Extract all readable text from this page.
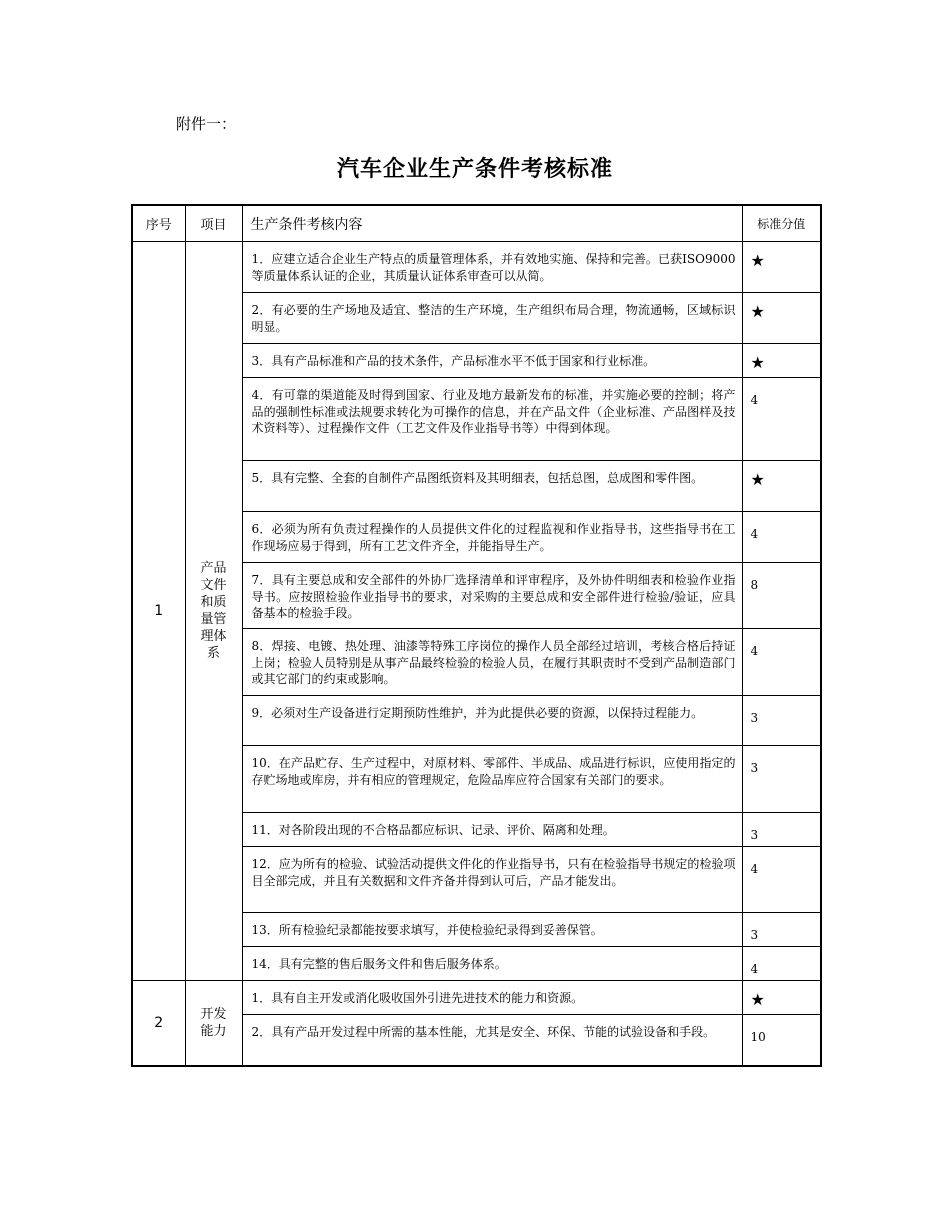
附件一：
汽车企业生产条件考核标准
序号	项目	生产条件考核内容	标准分值
1	产品文件和质量管理体系	1．应建立适合企业生产特点的质量管理体系，并有效地实施、保持和完善。已获ISO9000等质量体系认证的企业，其质量认证体系审查可以从简。	★
		2．有必要的生产场地及适宜、整洁的生产环境，生产组织布局合理，物流通畅，区域标识明显。	★
		3．具有产品标准和产品的技术条件，产品标准水平不低于国家和行业标准。	★
		4．有可靠的渠道能及时得到国家、行业及地方最新发布的标准，并实施必要的控制；将产品的强制性标准或法规要求转化为可操作的信息，并在产品文件（企业标准、产品图样及技术资料等）、过程操作文件（工艺文件及作业指导书等）中得到体现。	4
		5．具有完整、全套的自制件产品图纸资料及其明细表，包括总图，总成图和零件图。	★
		6．必须为所有负责过程操作的人员提供文件化的过程监视和作业指导书，这些指导书在工作现场应易于得到，所有工艺文件齐全，并能指导生产。	4
		7．具有主要总成和安全部件的外协厂选择清单和评审程序，及外协件明细表和检验作业指导书。应按照检验作业指导书的要求，对采购的主要总成和安全部件进行检验/验证，应具备基本的检验手段。	8
		8．焊接、电镀、热处理、油漆等特殊工序岗位的操作人员全部经过培训，考核合格后持证上岗；检验人员特别是从事产品最终检验的检验人员，在履行其职责时不受到产品制造部门或其它部门的约束或影响。	4
		9．必须对生产设备进行定期预防性维护，并为此提供必要的资源，以保持过程能力。	3
		10．在产品贮存、生产过程中，对原材料、零部件、半成品、成品进行标识，应使用指定的存贮场地或库房，并有相应的管理规定，危险品库应符合国家有关部门的要求。	3
		11．对各阶段出现的不合格品都应标识、记录、评价、隔离和处理。	3
		12．应为所有的检验、试验活动提供文件化的作业指导书，只有在检验指导书规定的检验项目全部完成，并且有关数据和文件齐备并得到认可后，产品才能发出。	4
		13．所有检验纪录都能按要求填写，并使检验纪录得到妥善保管。	3
		14．具有完整的售后服务文件和售后服务体系。	4
2	开发能力	1．具有自主开发或消化吸收国外引进先进技术的能力和资源。	★
		2．具有产品开发过程中所需的基本性能，尤其是安全、环保、节能的试验设备和手段。	10
